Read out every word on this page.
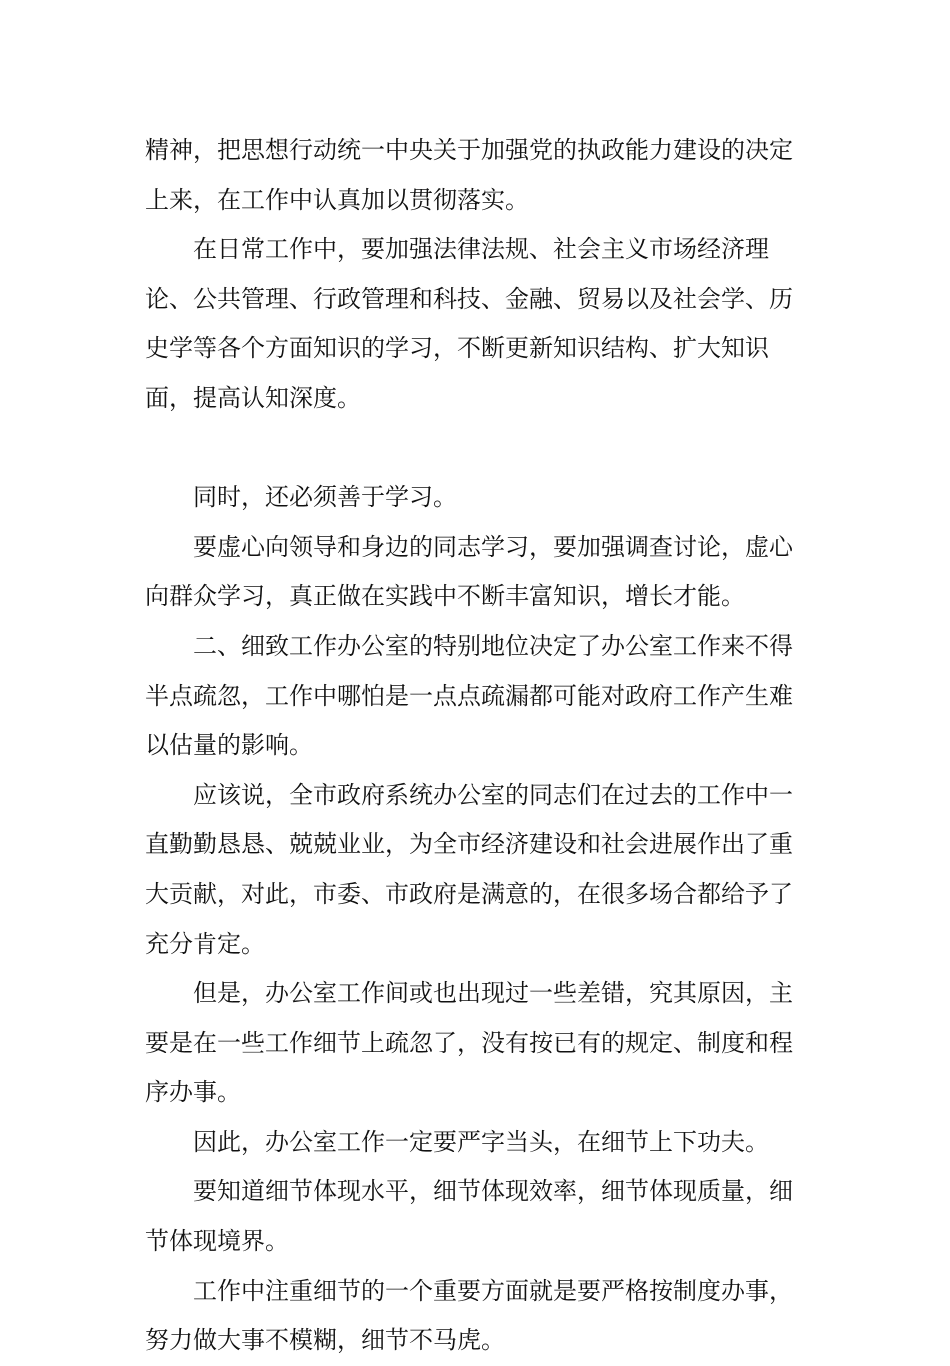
精神，把思想行动统一中央关于加强党的执政能力建设的决定上来，在工作中认真加以贯彻落实。

在日常工作中，要加强法律法规、社会主义市场经济理论、公共管理、行政管理和科技、金融、贸易以及社会学、历史学等各个方面知识的学习，不断更新知识结构、扩大知识面，提高认知深度。

同时，还必须善于学习。

要虚心向领导和身边的同志学习，要加强调查讨论，虚心向群众学习，真正做在实践中不断丰富知识，增长才能。

二、细致工作办公室的特别地位决定了办公室工作来不得半点疏忽，工作中哪怕是一点点疏漏都可能对政府工作产生难以估量的影响。

应该说，全市政府系统办公室的同志们在过去的工作中一直勤勤恳恳、兢兢业业，为全市经济建设和社会进展作出了重大贡献，对此，市委、市政府是满意的，在很多场合都给予了充分肯定。

但是，办公室工作间或也出现过一些差错，究其原因，主要是在一些工作细节上疏忽了，没有按已有的规定、制度和程序办事。

因此，办公室工作一定要严字当头，在细节上下功夫。

要知道细节体现水平，细节体现效率，细节体现质量，细节体现境界。

工作中注重细节的一个重要方面就是要严格按制度办事，努力做大事不模糊，细节不马虎。
